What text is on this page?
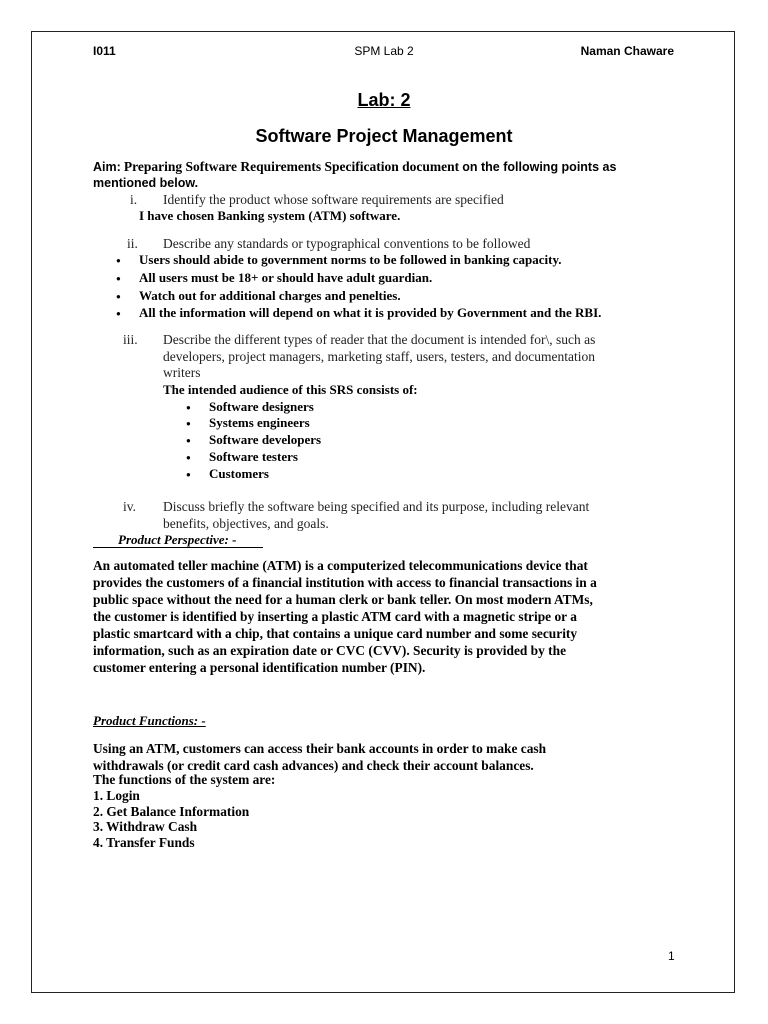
I011	SPM Lab 2	Naman Chaware
Lab: 2
Software Project Management
Aim: Preparing Software Requirements Specification document on the following points as
mentioned below.
i. Identify the product whose software requirements are specified
I have chosen Banking system (ATM) software.
ii. Describe any standards or typographical conventions to be followed
● Users should abide to government norms to be followed in banking capacity.
● All users must be 18+ or should have adult guardian.
● Watch out for additional charges and penelties.
● All the information will depend on what it is provided by Government and the RBI.
iii. Describe the different types of reader that the document is intended for\, such as
developers, project managers, marketing staff, users, testers, and documentation
writers
The intended audience of this SRS consists of:
● Software designers
● Systems engineers
● Software developers
● Software testers
● Customers
iv. Discuss briefly the software being specified and its purpose, including relevant
benefits, objectives, and goals.
Product Perspective: -
An automated teller machine (ATM) is a computerized telecommunications device that
provides the customers of a financial institution with access to financial transactions in a
public space without the need for a human clerk or bank teller. On most modern ATMs,
the customer is identified by inserting a plastic ATM card with a magnetic stripe or a
plastic smartcard with a chip, that contains a unique card number and some security
information, such as an expiration date or CVC (CVV). Security is provided by the
customer entering a personal identification number (PIN).
Product Functions: -
Using an ATM, customers can access their bank accounts in order to make cash
withdrawals (or credit card cash advances) and check their account balances.
The functions of the system are:
1. Login
2. Get Balance Information
3. Withdraw Cash
4. Transfer Funds
1
